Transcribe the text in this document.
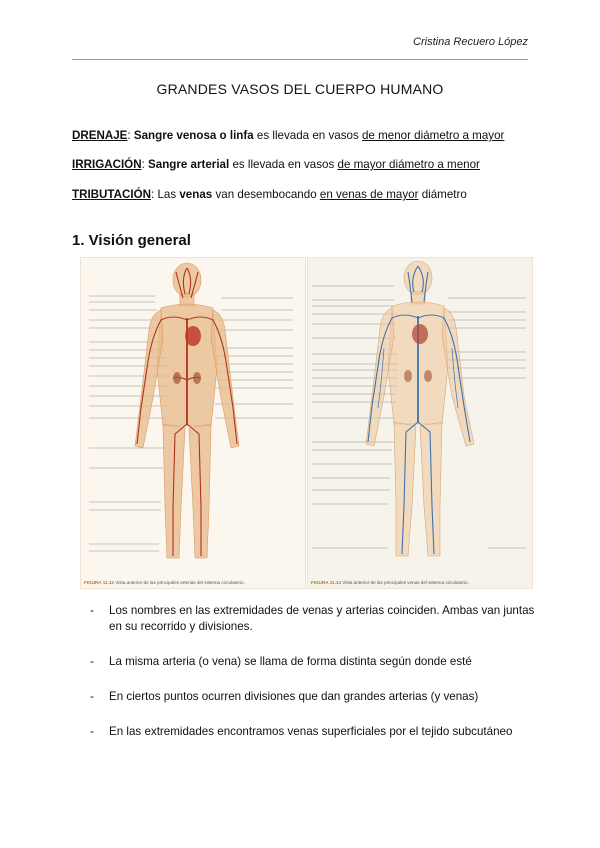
Cristina Recuero López
GRANDES VASOS DEL CUERPO HUMANO
DRENAJE: Sangre venosa o linfa es llevada en vasos de menor diámetro a mayor
IRRIGACIÓN: Sangre arterial es llevada en vasos de mayor diámetro a menor
TRIBUTACIÓN: Las venas van desembocando en venas de mayor diámetro
1. Visión general
FIGURA 11.12 Vista anterior de las principales arterias del sistema circulatorio.	FIGURA 11.13 Vista anterior de las principales venas del sistema circulatorio.
- Los nombres en las extremidades de venas y arterias coinciden. Ambas van juntas en su recorrido y divisiones.
- La misma arteria (o vena) se llama de forma distinta según donde esté
- En ciertos puntos ocurren divisiones que dan grandes arterias (y venas)
- En las extremidades encontramos venas superficiales por el tejido subcutáneo
